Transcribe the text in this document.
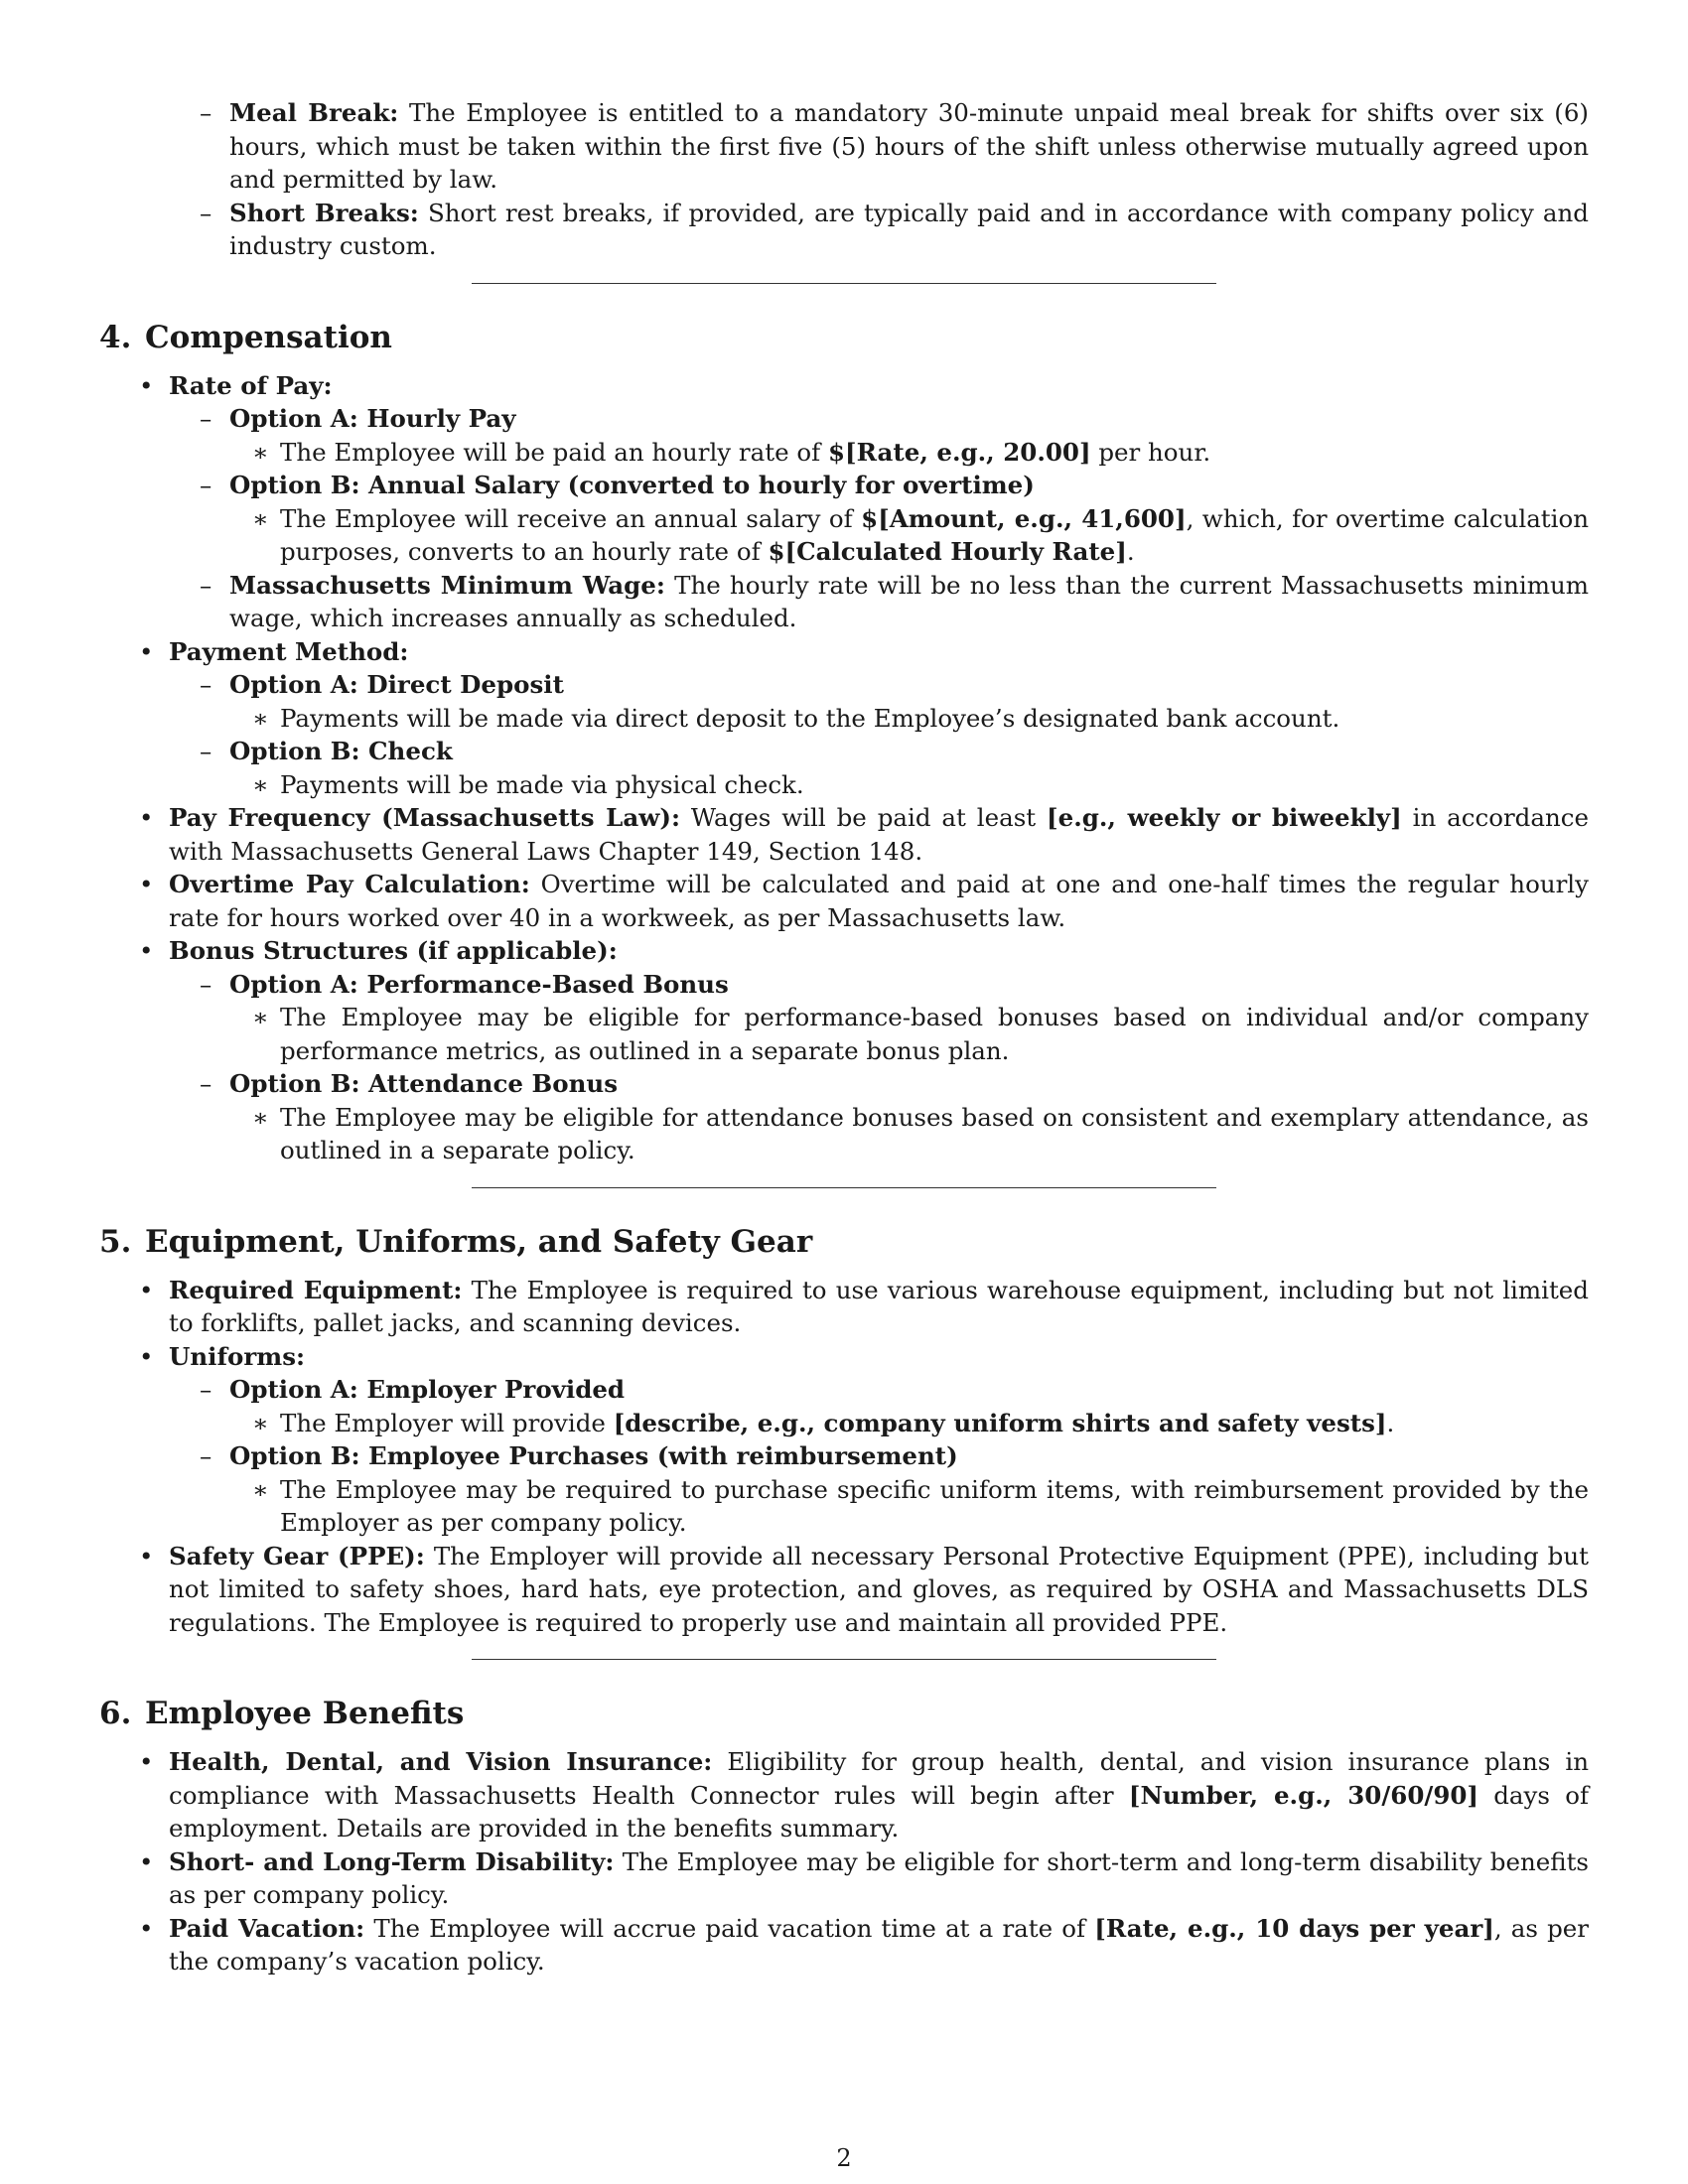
– Meal Break: The Employee is entitled to a mandatory 30-minute unpaid meal break for shifts over six (6) hours, which must be taken within the first five (5) hours of the shift unless otherwise mutually agreed upon and permitted by law.
– Short Breaks: Short rest breaks, if provided, are typically paid and in accordance with company policy and industry custom.
4. Compensation
• Rate of Pay:
– Option A: Hourly Pay
∗ The Employee will be paid an hourly rate of $[Rate, e.g., 20.00] per hour.
– Option B: Annual Salary (converted to hourly for overtime)
∗ The Employee will receive an annual salary of $[Amount, e.g., 41,600], which, for overtime calculation purposes, converts to an hourly rate of $[Calculated Hourly Rate].
– Massachusetts Minimum Wage: The hourly rate will be no less than the current Massachusetts minimum wage, which increases annually as scheduled.
• Payment Method:
– Option A: Direct Deposit
∗ Payments will be made via direct deposit to the Employee’s designated bank account.
– Option B: Check
∗ Payments will be made via physical check.
• Pay Frequency (Massachusetts Law): Wages will be paid at least [e.g., weekly or biweekly] in accordance with Massachusetts General Laws Chapter 149, Section 148.
• Overtime Pay Calculation: Overtime will be calculated and paid at one and one-half times the regular hourly rate for hours worked over 40 in a workweek, as per Massachusetts law.
• Bonus Structures (if applicable):
– Option A: Performance-Based Bonus
∗ The Employee may be eligible for performance-based bonuses based on individual and/or company performance metrics, as outlined in a separate bonus plan.
– Option B: Attendance Bonus
∗ The Employee may be eligible for attendance bonuses based on consistent and exemplary attendance, as outlined in a separate policy.
5. Equipment, Uniforms, and Safety Gear
• Required Equipment: The Employee is required to use various warehouse equipment, including but not limited to forklifts, pallet jacks, and scanning devices.
• Uniforms:
– Option A: Employer Provided
∗ The Employer will provide [describe, e.g., company uniform shirts and safety vests].
– Option B: Employee Purchases (with reimbursement)
∗ The Employee may be required to purchase specific uniform items, with reimbursement provided by the Employer as per company policy.
• Safety Gear (PPE): The Employer will provide all necessary Personal Protective Equipment (PPE), including but not limited to safety shoes, hard hats, eye protection, and gloves, as required by OSHA and Massachusetts DLS regulations. The Employee is required to properly use and maintain all provided PPE.
6. Employee Benefits
• Health, Dental, and Vision Insurance: Eligibility for group health, dental, and vision insurance plans in compliance with Massachusetts Health Connector rules will begin after [Number, e.g., 30/60/90] days of employment. Details are provided in the benefits summary.
• Short- and Long-Term Disability: The Employee may be eligible for short-term and long-term disability benefits as per company policy.
• Paid Vacation: The Employee will accrue paid vacation time at a rate of [Rate, e.g., 10 days per year], as per the company’s vacation policy.
2
